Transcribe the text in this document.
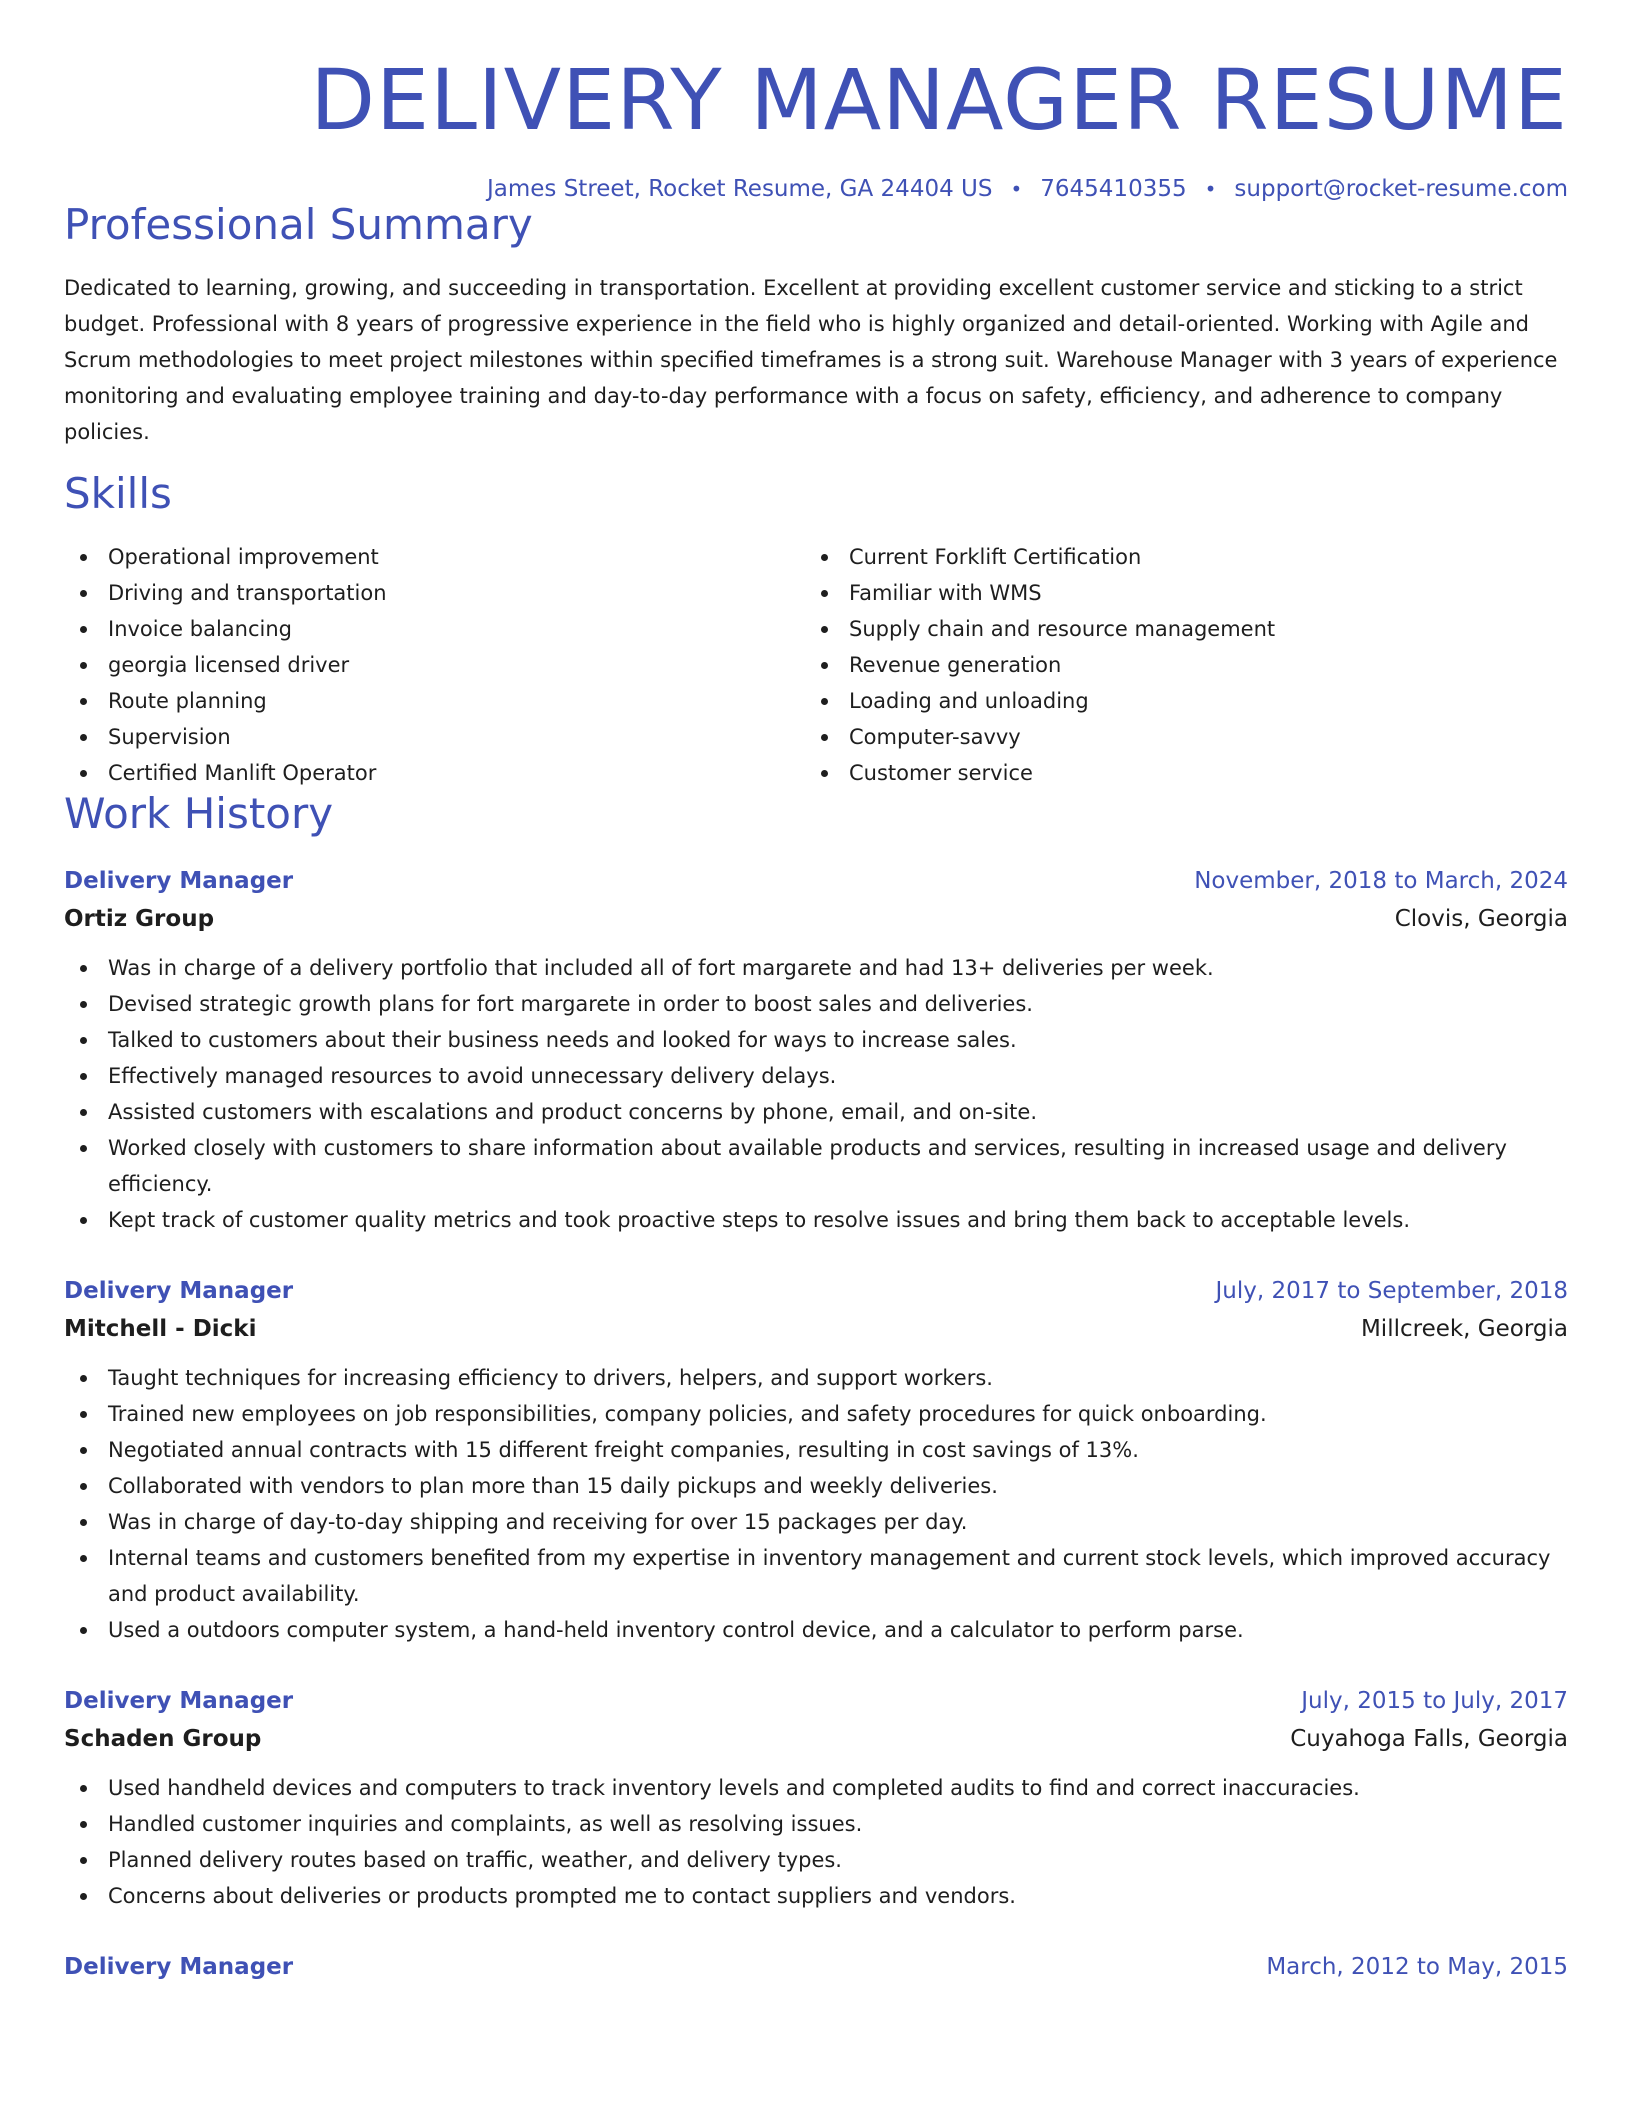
DELIVERY MANAGER RESUME
James Street, Rocket Resume, GA 24404 US • 7645410355 • support@rocket-resume.com
Professional Summary

Dedicated to learning, growing, and succeeding in transportation. Excellent at providing excellent customer service and sticking to a strict budget. Professional with 8 years of progressive experience in the field who is highly organized and detail-oriented. Working with Agile and Scrum methodologies to meet project milestones within specified timeframes is a strong suit. Warehouse Manager with 3 years of experience monitoring and evaluating employee training and day-to-day performance with a focus on safety, efficiency, and adherence to company policies.

Skills
Operational improvement
Driving and transportation
Invoice balancing
georgia licensed driver
Route planning
Supervision
Certified Manlift Operator
Current Forklift Certification
Familiar with WMS
Supply chain and resource management
Revenue generation
Loading and unloading
Computer-savvy
Customer service
Work History
Delivery Manager	November, 2018 to March, 2024
Ortiz Group	Clovis, Georgia
Was in charge of a delivery portfolio that included all of fort margarete and had 13+ deliveries per week.
Devised strategic growth plans for fort margarete in order to boost sales and deliveries.
Talked to customers about their business needs and looked for ways to increase sales.
Effectively managed resources to avoid unnecessary delivery delays.
Assisted customers with escalations and product concerns by phone, email, and on-site.
Worked closely with customers to share information about available products and services, resulting in increased usage and delivery efficiency.
Kept track of customer quality metrics and took proactive steps to resolve issues and bring them back to acceptable levels.
Delivery Manager	July, 2017 to September, 2018
Mitchell - Dicki	Millcreek, Georgia
Taught techniques for increasing efficiency to drivers, helpers, and support workers.
Trained new employees on job responsibilities, company policies, and safety procedures for quick onboarding.
Negotiated annual contracts with 15 different freight companies, resulting in cost savings of 13%.
Collaborated with vendors to plan more than 15 daily pickups and weekly deliveries.
Was in charge of day-to-day shipping and receiving for over 15 packages per day.
Internal teams and customers benefited from my expertise in inventory management and current stock levels, which improved accuracy and product availability.
Used a outdoors computer system, a hand-held inventory control device, and a calculator to perform parse.
Delivery Manager	July, 2015 to July, 2017
Schaden Group	Cuyahoga Falls, Georgia
Used handheld devices and computers to track inventory levels and completed audits to find and correct inaccuracies.
Handled customer inquiries and complaints, as well as resolving issues.
Planned delivery routes based on traffic, weather, and delivery types.
Concerns about deliveries or products prompted me to contact suppliers and vendors.
Delivery Manager	March, 2012 to May, 2015
